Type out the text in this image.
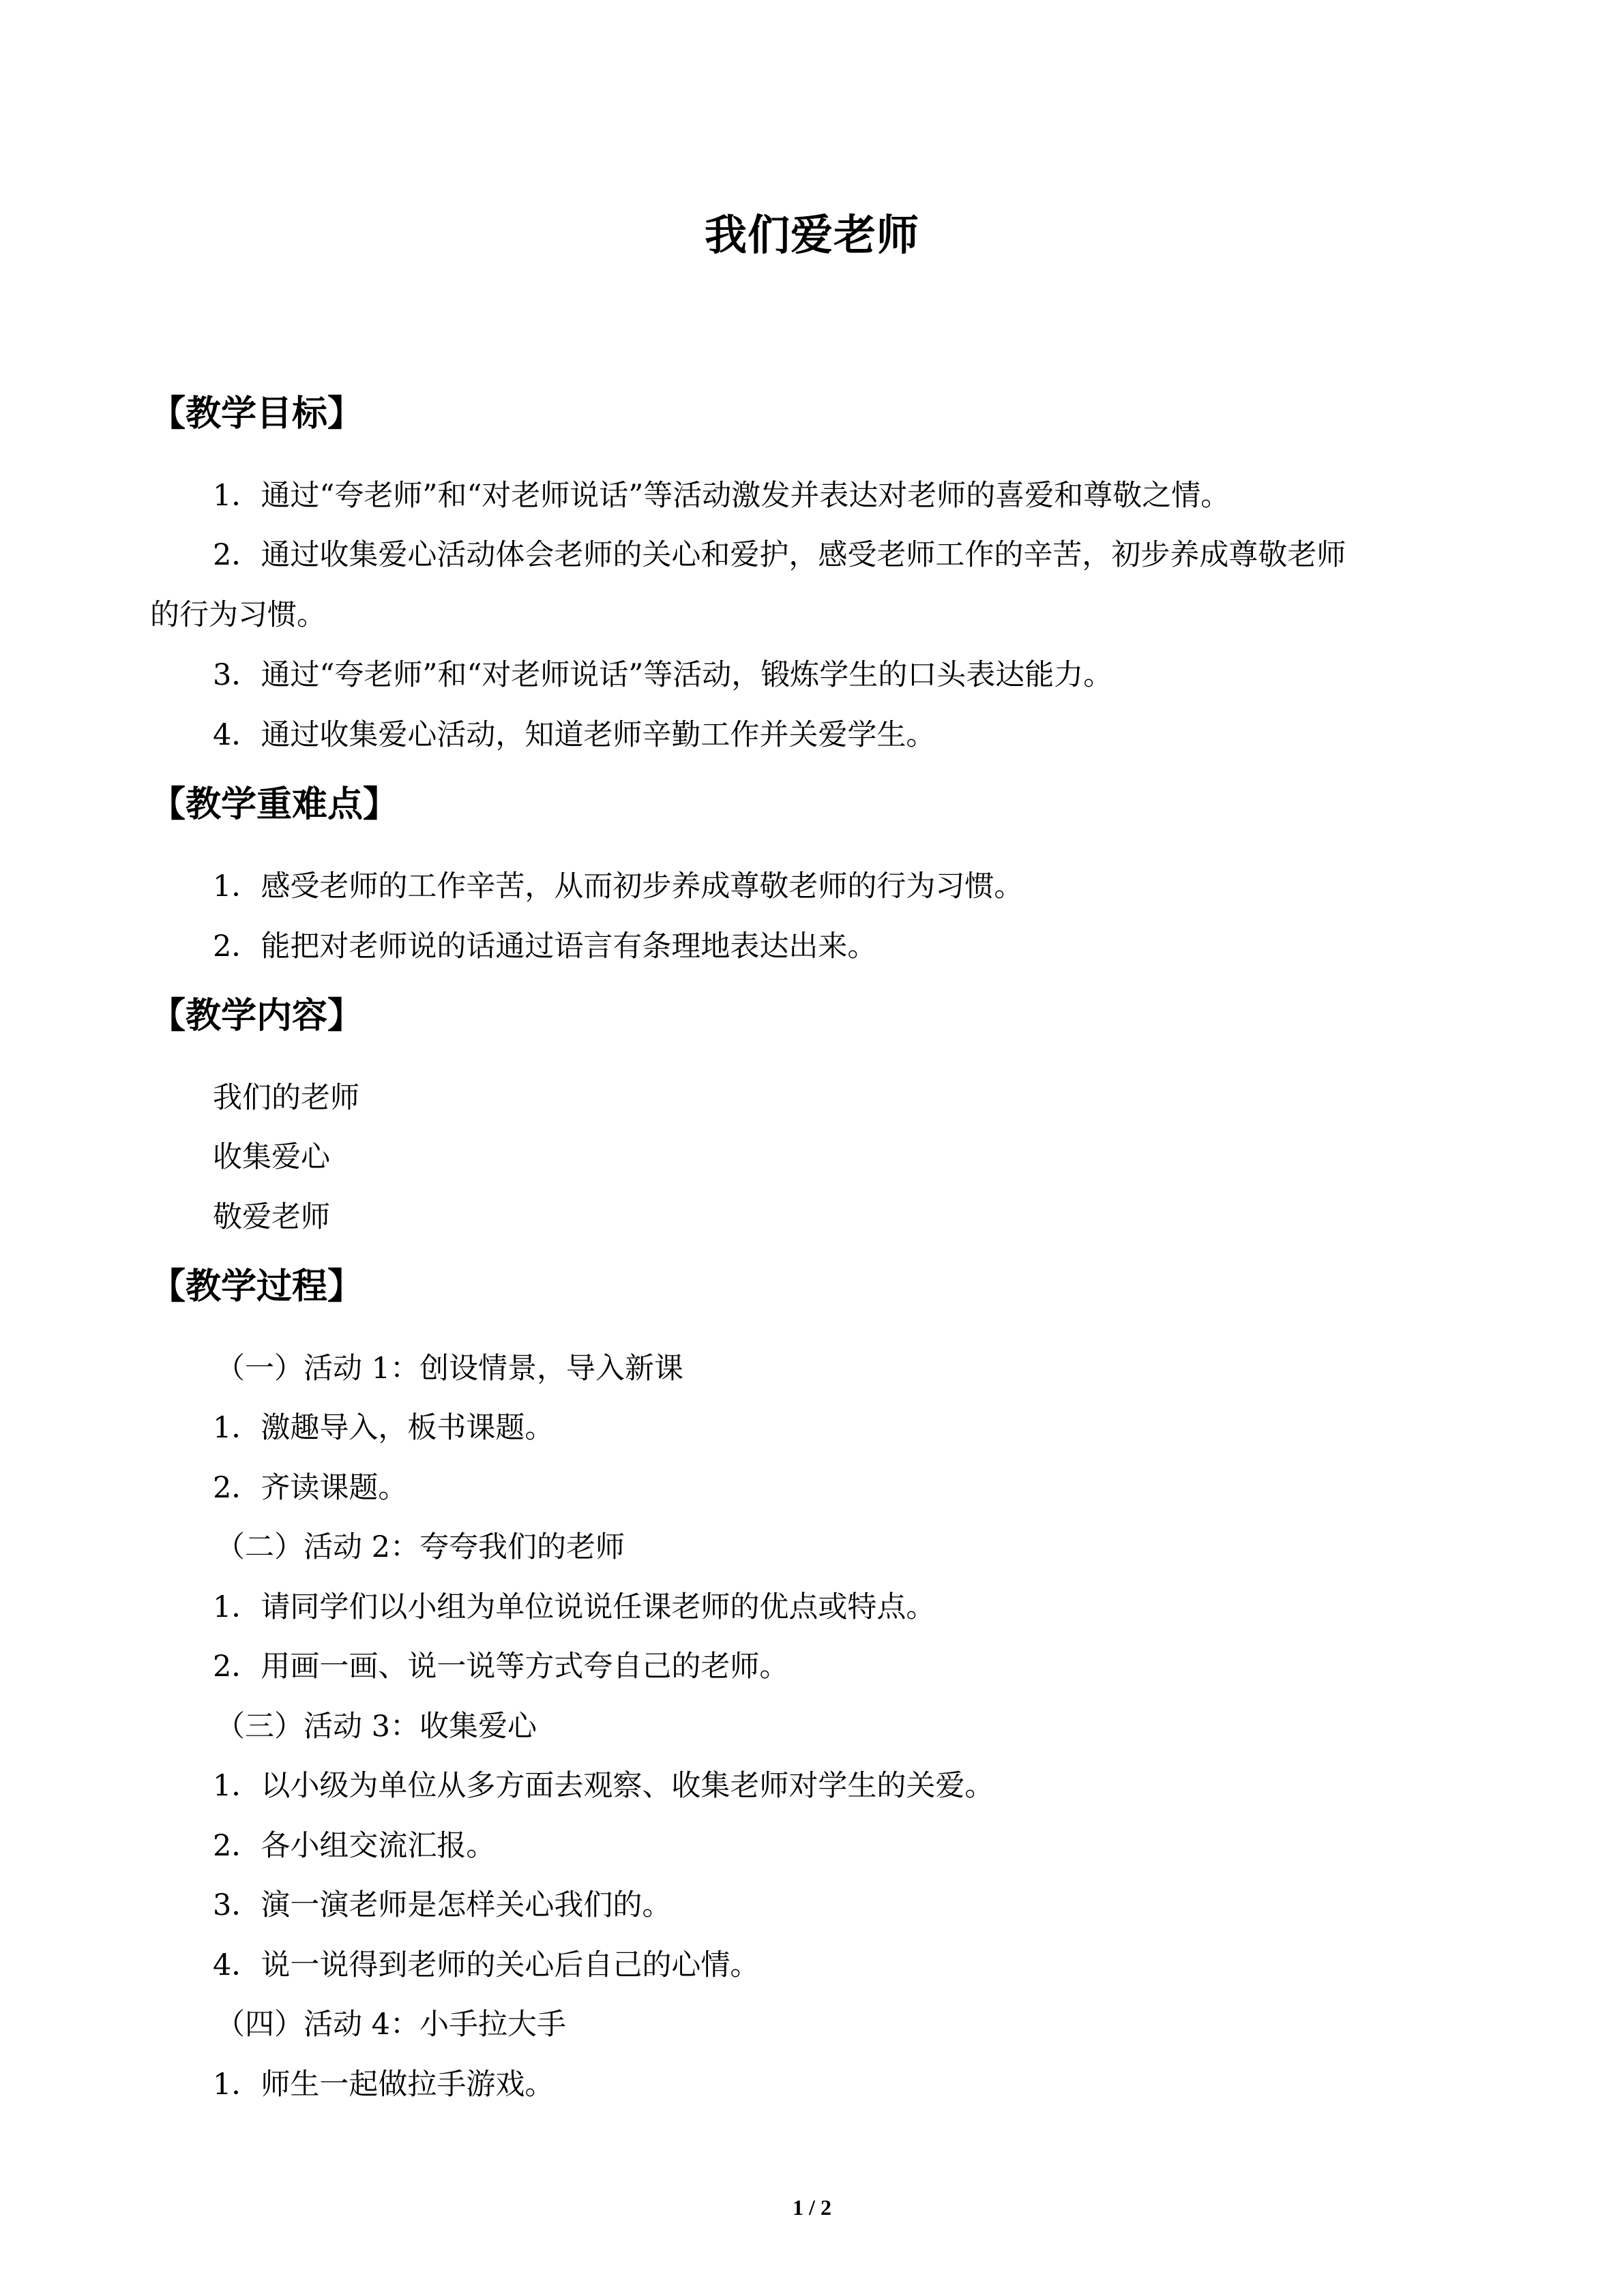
我们爱老师
【教学目标】
1．通过“夸老师”和“对老师说话”等活动激发并表达对老师的喜爱和尊敬之情。
2．通过收集爱心活动体会老师的关心和爱护，感受老师工作的辛苦，初步养成尊敬老师
的行为习惯。
3．通过“夸老师”和“对老师说话”等活动，锻炼学生的口头表达能力。
4．通过收集爱心活动，知道老师辛勤工作并关爱学生。
【教学重难点】
1．感受老师的工作辛苦，从而初步养成尊敬老师的行为习惯。
2．能把对老师说的话通过语言有条理地表达出来。
【教学内容】
我们的老师
收集爱心
敬爱老师
【教学过程】
（一）活动 1：创设情景，导入新课
1．激趣导入，板书课题。
2．齐读课题。
（二）活动 2：夸夸我们的老师
1．请同学们以小组为单位说说任课老师的优点或特点。
2．用画一画、说一说等方式夸自己的老师。
（三）活动 3：收集爱心
1．以小级为单位从多方面去观察、收集老师对学生的关爱。
2．各小组交流汇报。
3．演一演老师是怎样关心我们的。
4．说一说得到老师的关心后自己的心情。
（四）活动 4：小手拉大手
1．师生一起做拉手游戏。
1 / 2
